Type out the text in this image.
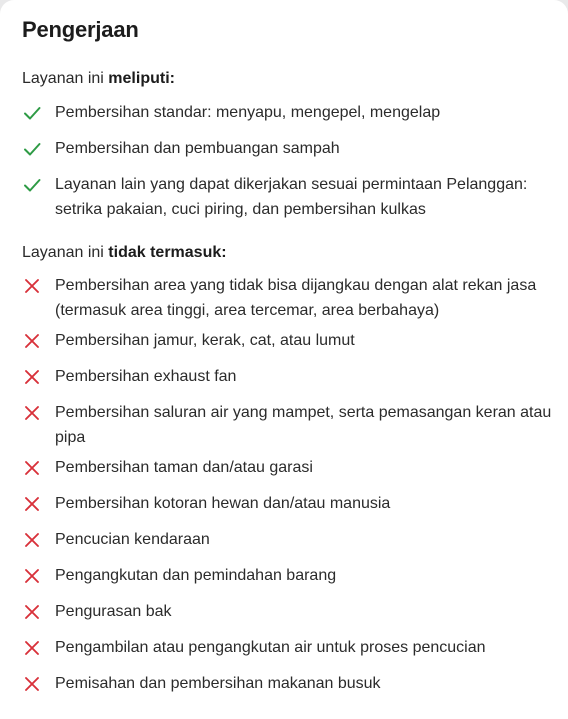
Pengerjaan
Layanan ini meliputi:
Pembersihan standar: menyapu, mengepel, mengelap
Pembersihan dan pembuangan sampah
Layanan lain yang dapat dikerjakan sesuai permintaan Pelanggan: setrika pakaian, cuci piring, dan pembersihan kulkas
Layanan ini tidak termasuk:
Pembersihan area yang tidak bisa dijangkau dengan alat rekan jasa (termasuk area tinggi, area tercemar, area berbahaya)
Pembersihan jamur, kerak, cat, atau lumut
Pembersihan exhaust fan
Pembersihan saluran air yang mampet, serta pemasangan keran atau pipa
Pembersihan taman dan/atau garasi
Pembersihan kotoran hewan dan/atau manusia
Pencucian kendaraan
Pengangkutan dan pemindahan barang
Pengurasan bak
Pengambilan atau pengangkutan air untuk proses pencucian
Pemisahan dan pembersihan makanan busuk
